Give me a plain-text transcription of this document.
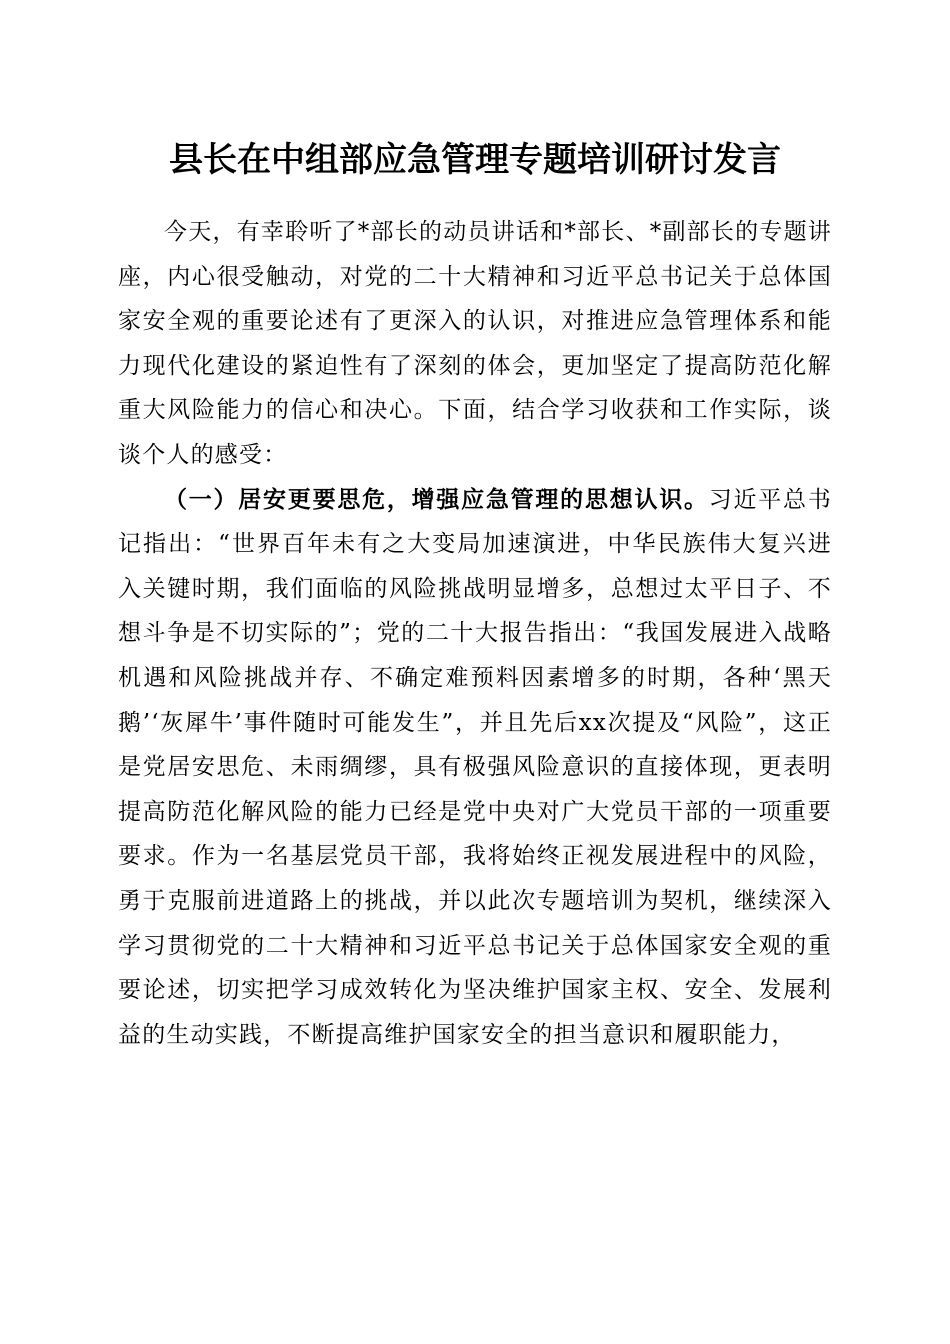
县长在中组部应急管理专题培训研讨发言

今天，有幸聆听了*部长的动员讲话和*部长、*副部长的专题讲座，内心很受触动，对党的二十大精神和习近平总书记关于总体国家安全观的重要论述有了更深入的认识，对推进应急管理体系和能力现代化建设的紧迫性有了深刻的体会，更加坚定了提高防范化解重大风险能力的信心和决心。下面，结合学习收获和工作实际，谈谈个人的感受：

（一）居安更要思危，增强应急管理的思想认识。习近平总书记指出：“世界百年未有之大变局加速演进，中华民族伟大复兴进入关键时期，我们面临的风险挑战明显增多，总想过太平日子、不想斗争是不切实际的”；党的二十大报告指出：“我国发展进入战略机遇和风险挑战并存、不确定难预料因素增多的时期，各种‘黑天鹅’‘灰犀牛’事件随时可能发生”，并且先后xx次提及“风险”，这正是党居安思危、未雨绸缪，具有极强风险意识的直接体现，更表明提高防范化解风险的能力已经是党中央对广大党员干部的一项重要要求。作为一名基层党员干部，我将始终正视发展进程中的风险，勇于克服前进道路上的挑战，并以此次专题培训为契机，继续深入学习贯彻党的二十大精神和习近平总书记关于总体国家安全观的重要论述，切实把学习成效转化为坚决维护国家主权、安全、发展利益的生动实践，不断提高维护国家安全的担当意识和履职能力，
